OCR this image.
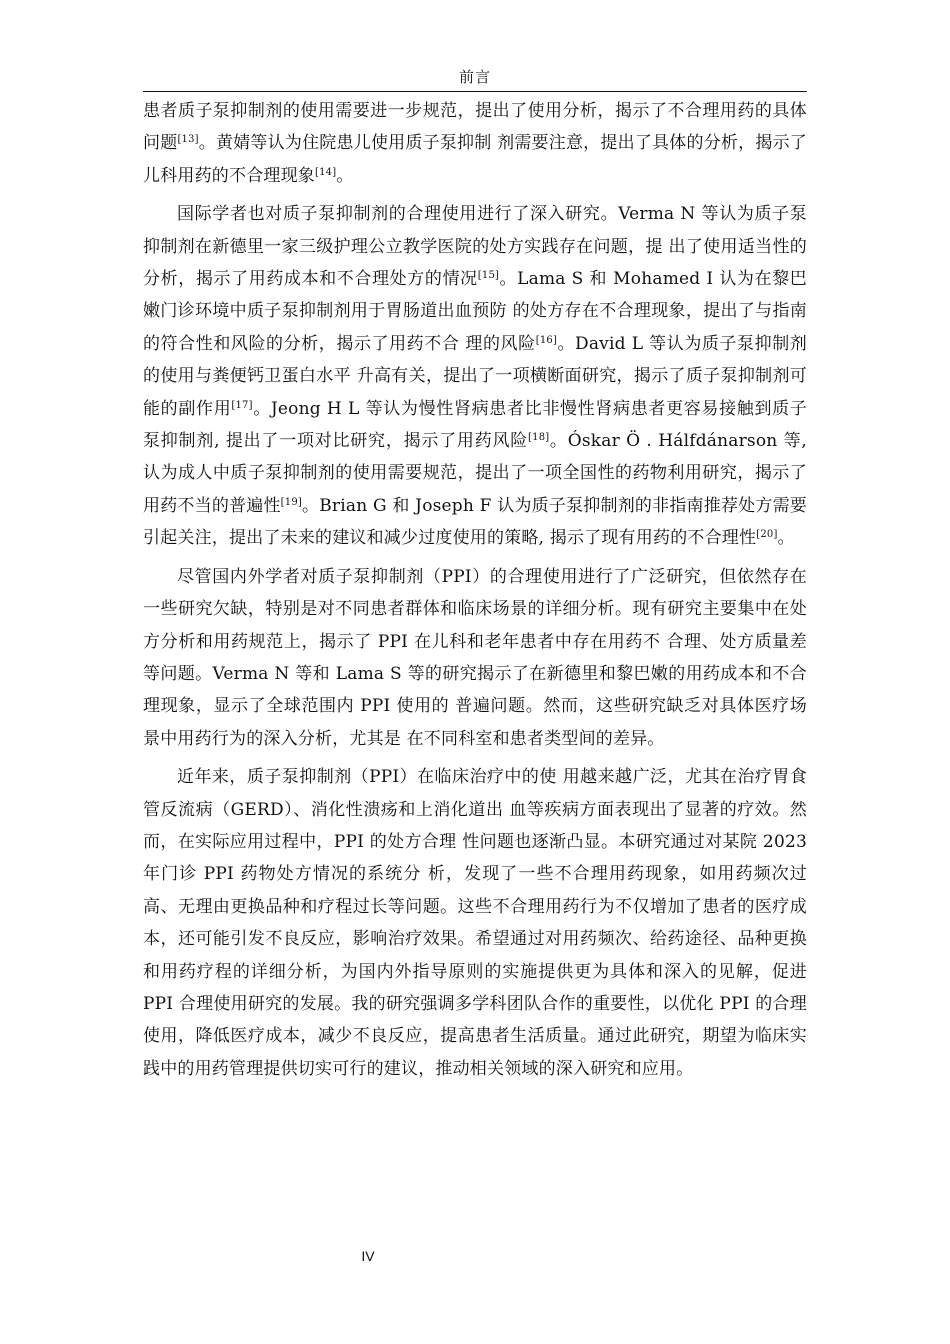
前言

患者质子泵抑制剂的使用需要进一步规范，提出了使用分析，揭示了不合理用药的具体问题[13]。黄婧等认为住院患儿使用质子泵抑制 剂需要注意，提出了具体的分析，揭示了儿科用药的不合理现象[14]。

国际学者也对质子泵抑制剂的合理使用进行了深入研究。Verma N 等认为质子泵抑制剂在新德里一家三级护理公立教学医院的处方实践存在问题，提 出了使用适当性的分析，揭示了用药成本和不合理处方的情况[15]。Lama S 和 Mohamed I 认为在黎巴嫩门诊环境中质子泵抑制剂用于胃肠道出血预防 的处方存在不合理现象，提出了与指南的符合性和风险的分析，揭示了用药不合 理的风险[16]。David L 等认为质子泵抑制剂的使用与粪便钙卫蛋白水平 升高有关，提出了一项横断面研究，揭示了质子泵抑制剂可能的副作用[17]。Jeong H L 等认为慢性肾病患者比非慢性肾病患者更容易接触到质子泵抑制剂, 提出了一项对比研究，揭示了用药风险[18]。Óskar Ö . Hálfdánarson 等, 认为成人中质子泵抑制剂的使用需要规范，提出了一项全国性的药物利用研究，揭示了用药不当的普遍性[19]。Brian G 和 Joseph F 认为质子泵抑制剂的非指南推荐处方需要引起关注，提出了未来的建议和减少过度使用的策略, 揭示了现有用药的不合理性[20]。

尽管国内外学者对质子泵抑制剂（PPI）的合理使用进行了广泛研究，但依然存在一些研究欠缺，特别是对不同患者群体和临床场景的详细分析。现有研究主要集中在处方分析和用药规范上，揭示了 PPI 在儿科和老年患者中存在用药不 合理、处方质量差等问题。Verma N 等和 Lama S 等的研究揭示了在新德里和黎巴嫩的用药成本和不合理现象，显示了全球范围内 PPI 使用的 普遍问题。然而，这些研究缺乏对具体医疗场景中用药行为的深入分析，尤其是 在不同科室和患者类型间的差异。

近年来，质子泵抑制剂（PPI）在临床治疗中的使 用越来越广泛，尤其在治疗胃食管反流病（GERD）、消化性溃疡和上消化道出 血等疾病方面表现出了显著的疗效。然而，在实际应用过程中，PPI 的处方合理 性问题也逐渐凸显。本研究通过对某院 2023 年门诊 PPI 药物处方情况的系统分 析，发现了一些不合理用药现象，如用药频次过高、无理由更换品种和疗程过长等问题。这些不合理用药行为不仅增加了患者的医疗成本，还可能引发不良反应，影响治疗效果。希望通过对用药频次、给药途径、品种更换和用药疗程的详细分析，为国内外指导原则的实施提供更为具体和深入的见解，促进 PPI 合理使用研究的发展。我的研究强调多学科团队合作的重要性，以优化 PPI 的合理使用，降低医疗成本，减少不良反应，提高患者生活质量。通过此研究，期望为临床实践中的用药管理提供切实可行的建议，推动相关领域的深入研究和应用。

IV
